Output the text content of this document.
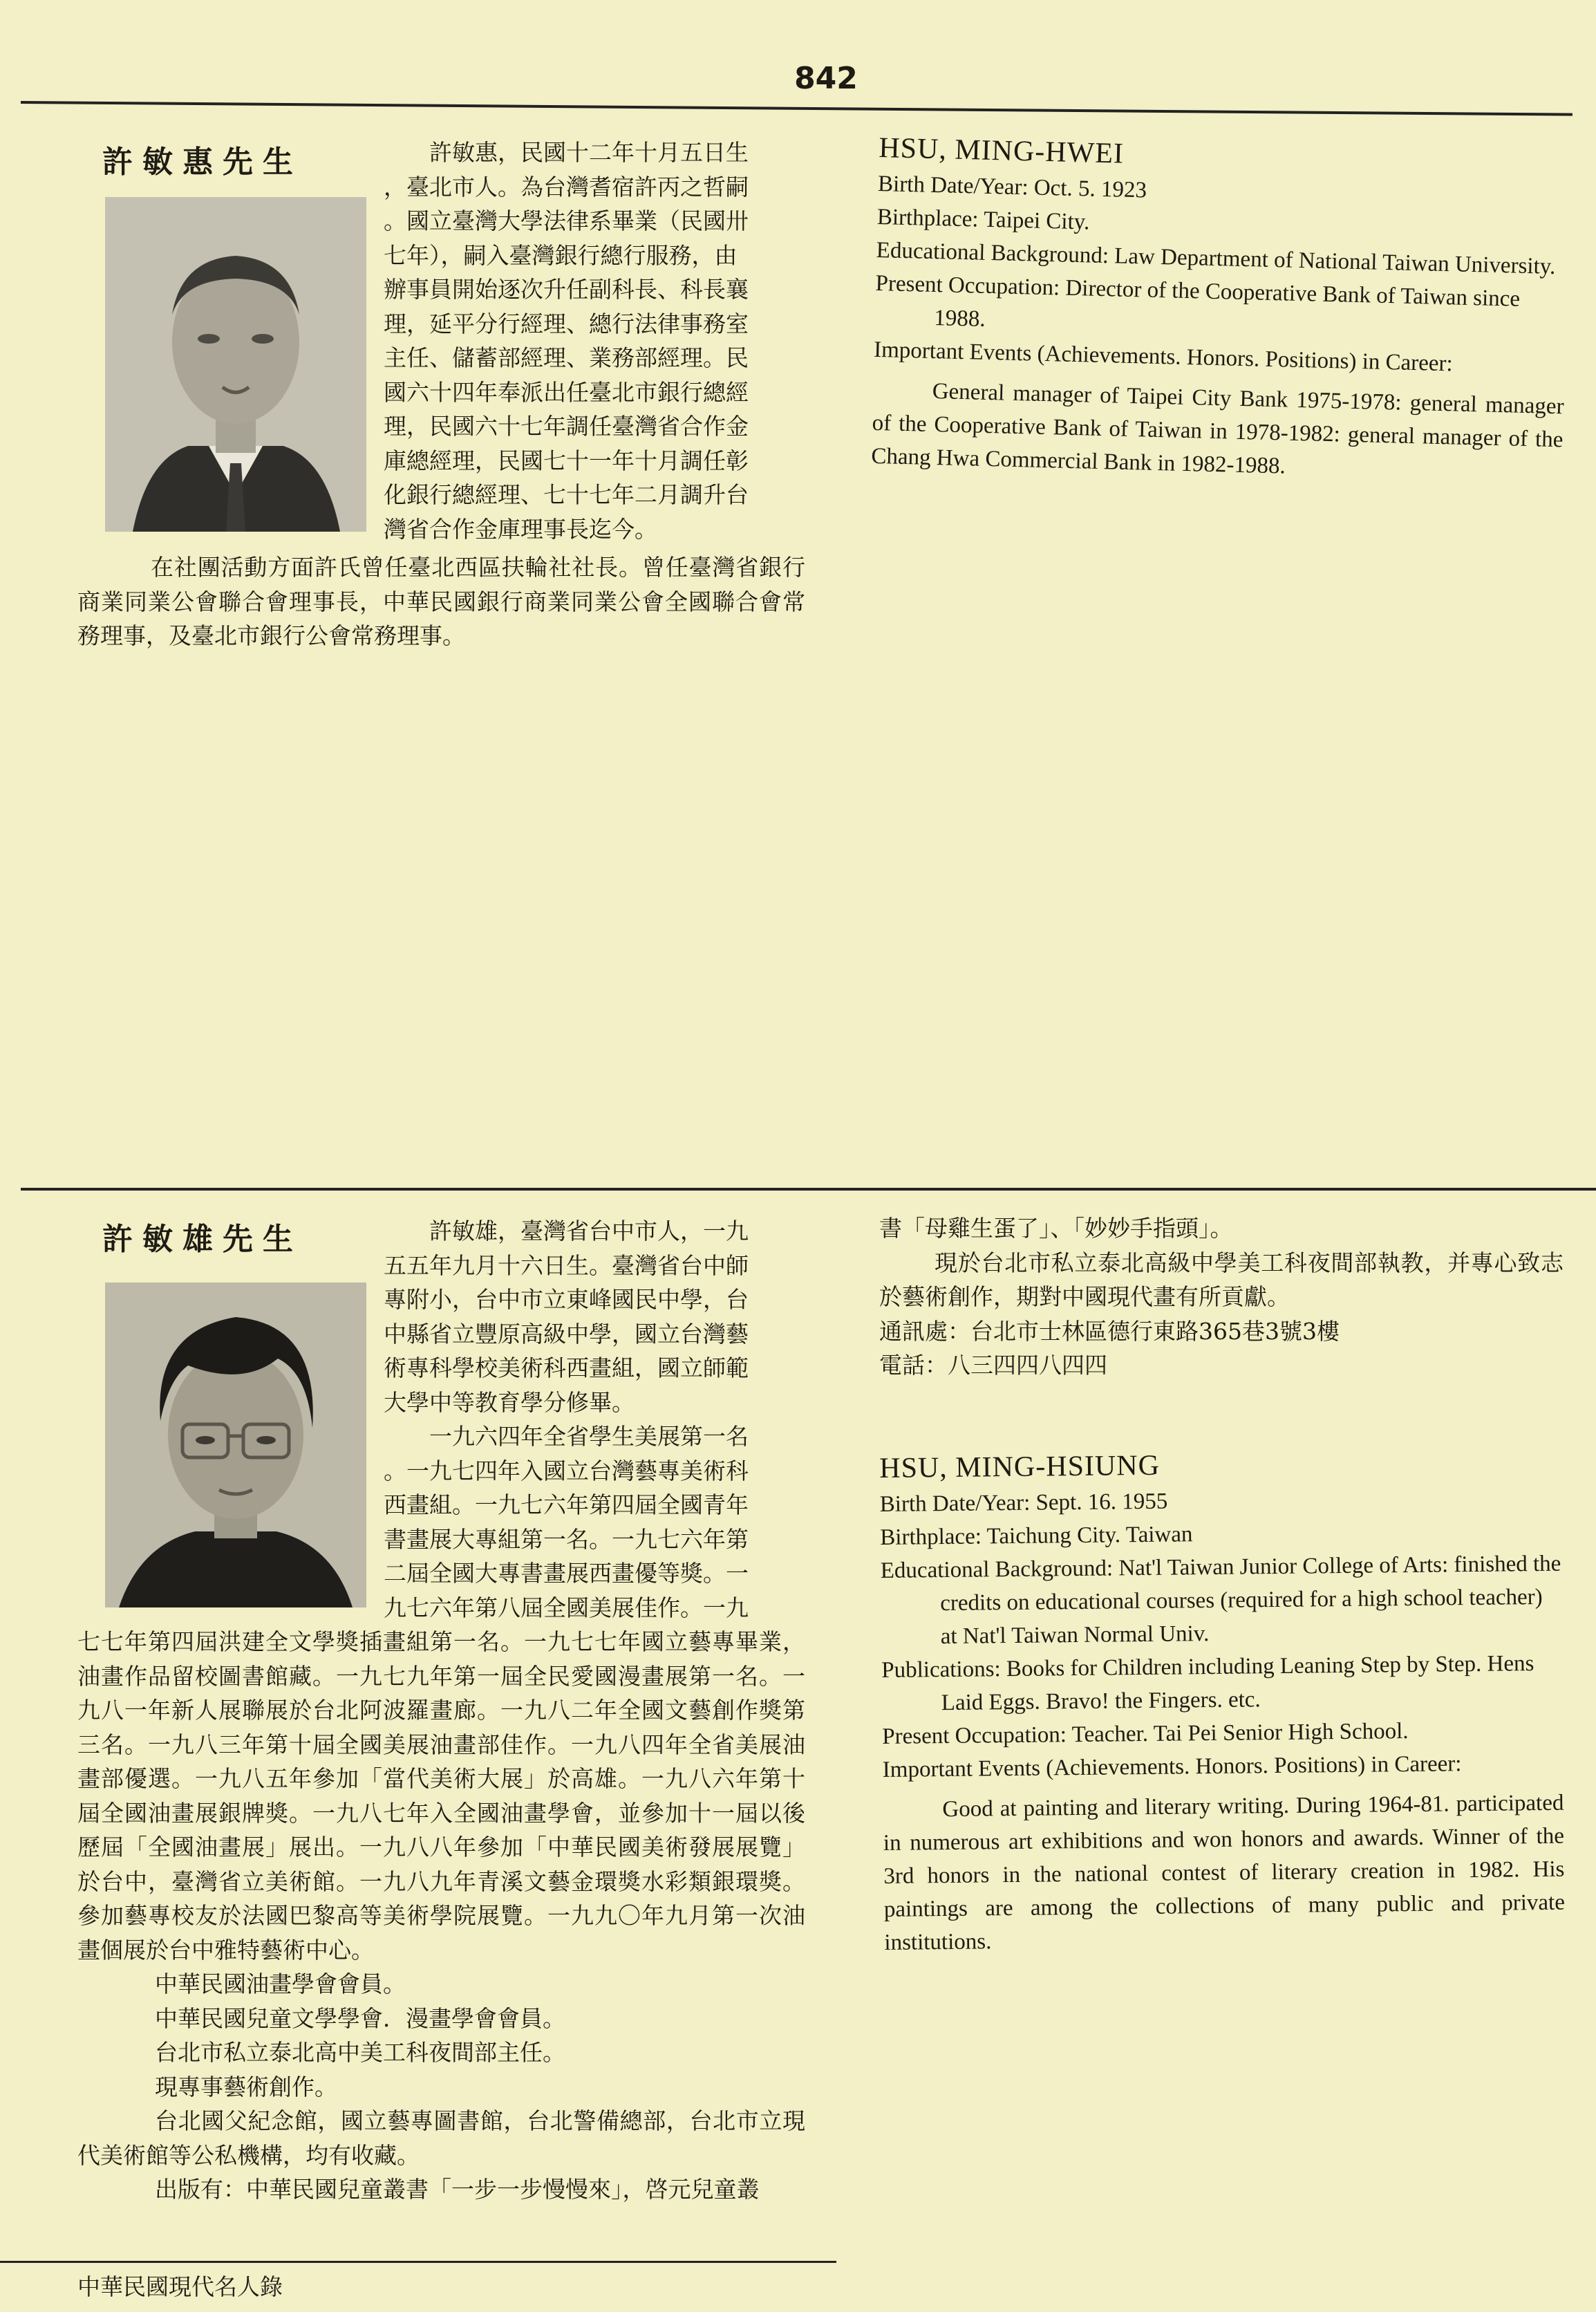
842
許敏惠先生	許敏惠，民國十二年十月五日生

，臺北市人。為台灣耆宿許丙之哲嗣

。國立臺灣大學法律系畢業（民國卅

七年），嗣入臺灣銀行總行服務，由

辦事員開始逐次升任副科長、科長襄

理，延平分行經理、總行法律事務室

主任、儲蓄部經理、業務部經理。民

國六十四年奉派出任臺北市銀行總經

理，民國六十七年調任臺灣省合作金

庫總經理，民國七十一年十月調任彰

化銀行總經理、七十七年二月調升台

灣省合作金庫理事長迄今。

在社團活動方面許氏曾任臺北西區扶輪社社長。曾任臺灣省銀行商業同業公會聯合會理事長，中華民國銀行商業同業公會全國聯合會常務理事，及臺北市銀行公會常務理事。

HSU, MING-HWEI

Birth Date/Year: Oct. 5. 1923

Birthplace: Taipei City.

Educational Background: Law Department of National Taiwan University.

Present Occupation: Director of the Cooperative Bank of Taiwan since 1988.

Important Events (Achievements. Honors. Positions) in Career:

General manager of Taipei City Bank 1975-1978: general manager of the Cooperative Bank of Taiwan in 1978-1982: general manager of the Chang Hwa Commercial Bank in 1982-1988.

許敏雄先生	許敏雄，臺灣省台中市人，一九

五五年九月十六日生。臺灣省台中師

專附小，台中市立東峰國民中學，台

中縣省立豐原高級中學，國立台灣藝

術專科學校美術科西畫組，國立師範

大學中等教育學分修畢。

一九六四年全省學生美展第一名

。一九七四年入國立台灣藝專美術科

西畫組。一九七六年第四屆全國青年

書畫展大專組第一名。一九七六年第

二屆全國大專書畫展西畫優等獎。一

九七六年第八屆全國美展佳作。一九

七七年第四屆洪建全文學獎插畫組第一名。一九七七年國立藝專畢業，油畫作品留校圖書館藏。一九七九年第一屆全民愛國漫畫展第一名。一九八一年新人展聯展於台北阿波羅畫廊。一九八二年全國文藝創作獎第三名。一九八三年第十屆全國美展油畫部佳作。一九八四年全省美展油畫部優選。一九八五年參加「當代美術大展」於高雄。一九八六年第十屆全國油畫展銀牌獎。一九八七年入全國油畫學會，並參加十一屆以後歷屆「全國油畫展」展出。一九八八年參加「中華民國美術發展展覽」於台中，臺灣省立美術館。一九八九年青溪文藝金環獎水彩類銀環獎。參加藝專校友於法國巴黎高等美術學院展覽。一九九〇年九月第一次油畫個展於台中雅特藝術中心。

中華民國油畫學會會員。

中華民國兒童文學學會．漫畫學會會員。

台北市私立泰北高中美工科夜間部主任。

現專事藝術創作。

台北國父紀念館，國立藝專圖書館，台北警備總部，台北市立現代美術館等公私機構，均有收藏。

出版有：中華民國兒童叢書「一步一步慢慢來」，啓元兒童叢

書「母雞生蛋了」、「妙妙手指頭」。

現於台北市私立泰北高級中學美工科夜間部執教，并專心致志於藝術創作，期對中國現代畫有所貢獻。

通訊處：台北市士林區德行東路365巷3號3樓

電話：八三四四八四四

HSU, MING-HSIUNG

Birth Date/Year: Sept. 16. 1955

Birthplace: Taichung City. Taiwan

Educational Background: Nat'l Taiwan Junior College of Arts: finished the credits on educational courses (required for a high school teacher) at Nat'l Taiwan Normal Univ.

Publications: Books for Children including Leaning Step by Step. Hens Laid Eggs. Bravo! the Fingers. etc.

Present Occupation: Teacher. Tai Pei Senior High School.

Important Events (Achievements. Honors. Positions) in Career:

Good at painting and literary writing. During 1964-81. participated in numerous art exhibitions and won honors and awards. Winner of the 3rd honors in the national contest of literary creation in 1982. His paintings are among the collections of many public and private institutions.

中華民國現代名人錄
